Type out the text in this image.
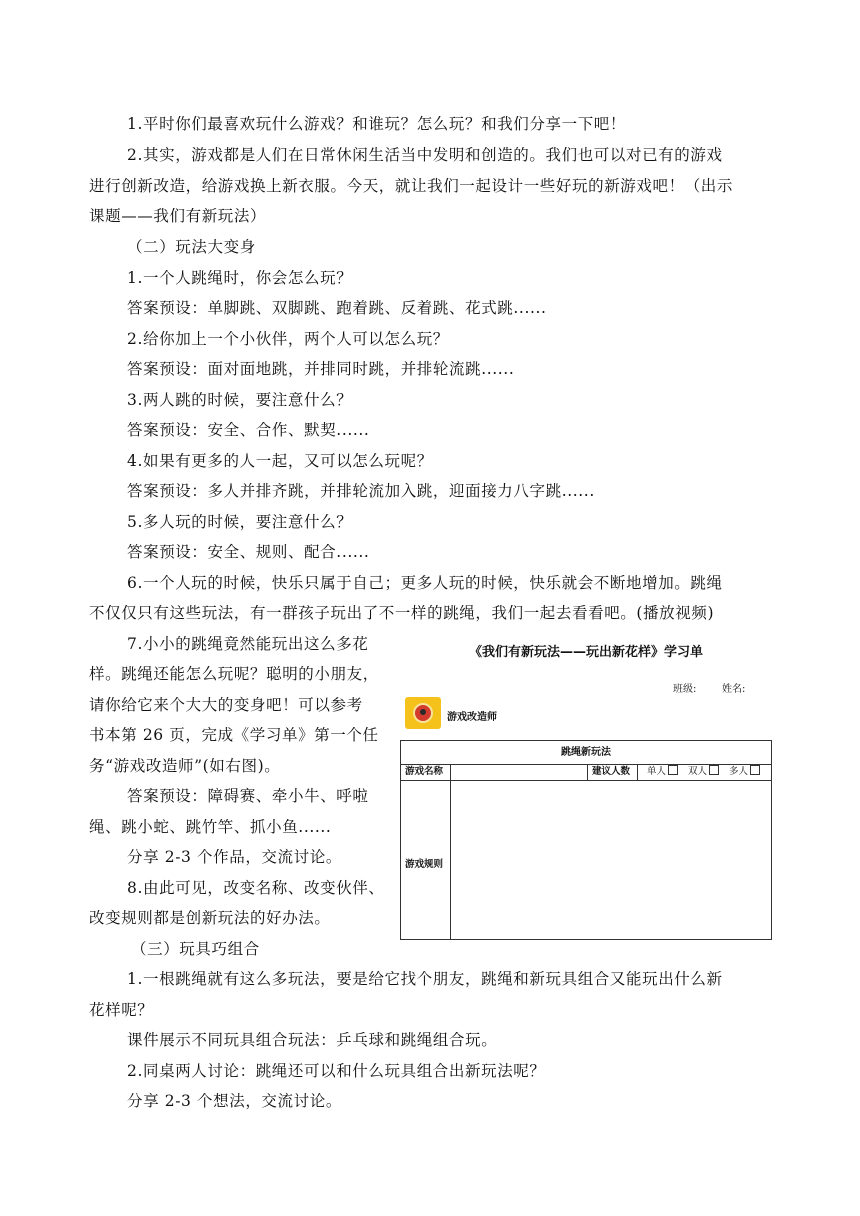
1.平时你们最喜欢玩什么游戏？和谁玩？怎么玩？和我们分享一下吧！
2.其实，游戏都是人们在日常休闲生活当中发明和创造的。我们也可以对已有的游戏
进行创新改造，给游戏换上新衣服。今天，就让我们一起设计一些好玩的新游戏吧！（出示
课题——我们有新玩法）
（二）玩法大变身
1.一个人跳绳时，你会怎么玩？
答案预设：单脚跳、双脚跳、跑着跳、反着跳、花式跳......
2.给你加上一个小伙伴，两个人可以怎么玩？
答案预设：面对面地跳，并排同时跳，并排轮流跳......
3.两人跳的时候，要注意什么？
答案预设：安全、合作、默契......
4.如果有更多的人一起，又可以怎么玩呢？
答案预设：多人并排齐跳，并排轮流加入跳，迎面接力八字跳......
5.多人玩的时候，要注意什么？
答案预设：安全、规则、配合......
6.一个人玩的时候，快乐只属于自己；更多人玩的时候，快乐就会不断地增加。跳绳
不仅仅只有这些玩法，有一群孩子玩出了不一样的跳绳，我们一起去看看吧。(播放视频)
7.小小的跳绳竟然能玩出这么多花
样。跳绳还能怎么玩呢？聪明的小朋友，
请你给它来个大大的变身吧！可以参考
书本第 26 页，完成《学习单》第一个任
务“游戏改造师”(如右图)。
答案预设：障碍赛、牵小牛、呼啦
绳、跳小蛇、跳竹竿、抓小鱼......
分享 2-3 个作品，交流讨论。
8.由此可见，改变名称、改变伙伴、
改变规则都是创新玩法的好办法。
（三）玩具巧组合
1.一根跳绳就有这么多玩法，要是给它找个朋友，跳绳和新玩具组合又能玩出什么新
花样呢？
课件展示不同玩具组合玩法：乒乓球和跳绳组合玩。
2.同桌两人讨论：跳绳还可以和什么玩具组合出新玩法呢？
分享 2-3 个想法，交流讨论。
《我们有新玩法——玩出新花样》学习单
班级:	姓名:
游戏改造师
跳绳新玩法
游戏名称	建议人数 单人	双人	多人
游戏规则
